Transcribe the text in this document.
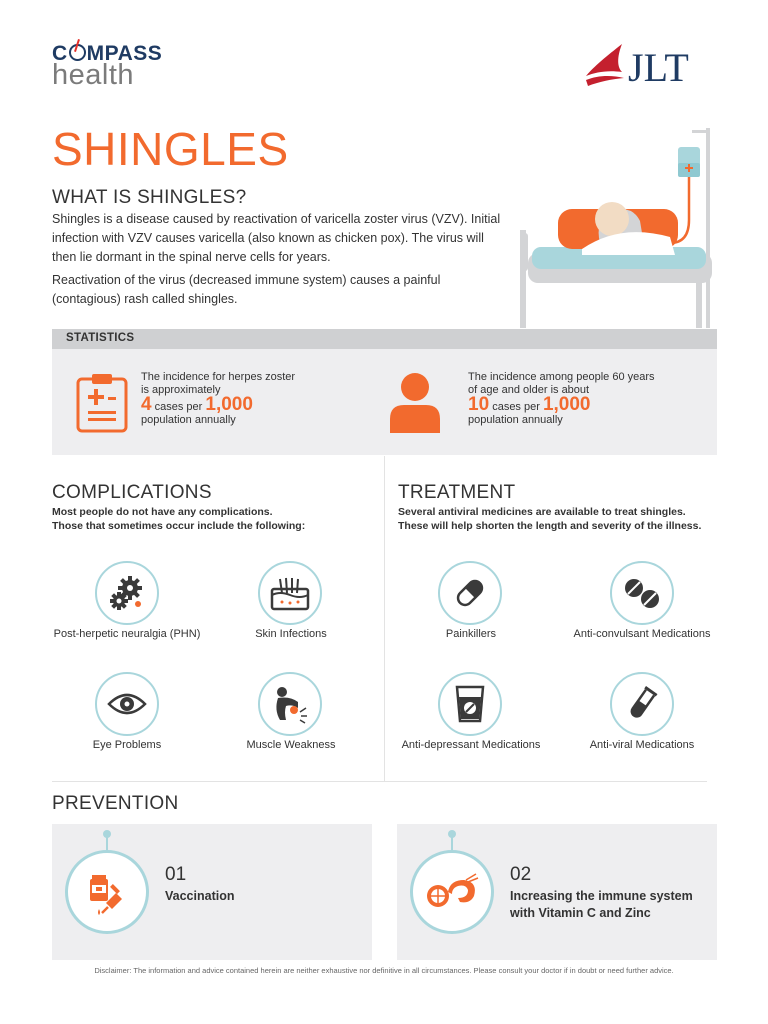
C MPASS
health	JLT
SHINGLES
WHAT IS SHINGLES?

Shingles is a disease caused by reactivation of varicella zoster virus (VZV). Initial infection with VZV causes varicella (also known as chicken pox). The virus will then lie dormant in the spinal nerve cells for years.

Reactivation of the virus (decreased immune system) causes a painful (contagious) rash called shingles.

STATISTICS
The incidence for herpes zoster
is approximately
4 cases per 1,000
population annually
The incidence among people 60 years
of age and older is about
10 cases per 1,000
population annually
COMPLICATIONS
Most people do not have any complications.
Those that sometimes occur include the following:
Post-herpetic neuralgia (PHN)	Skin Infections
Eye Problems	Muscle Weakness
TREATMENT
Several antiviral medicines are available to treat shingles.
These will help shorten the length and severity of the illness.
Painkillers	Anti-convulsant Medications
Anti-depressant Medications	Anti-viral Medications
PREVENTION
01
Vaccination
02
Increasing the immune system
with Vitamin C and Zinc
Disclaimer: The information and advice contained herein are neither exhaustive nor definitive in all circumstances. Please consult your doctor if in doubt or need further advice.
